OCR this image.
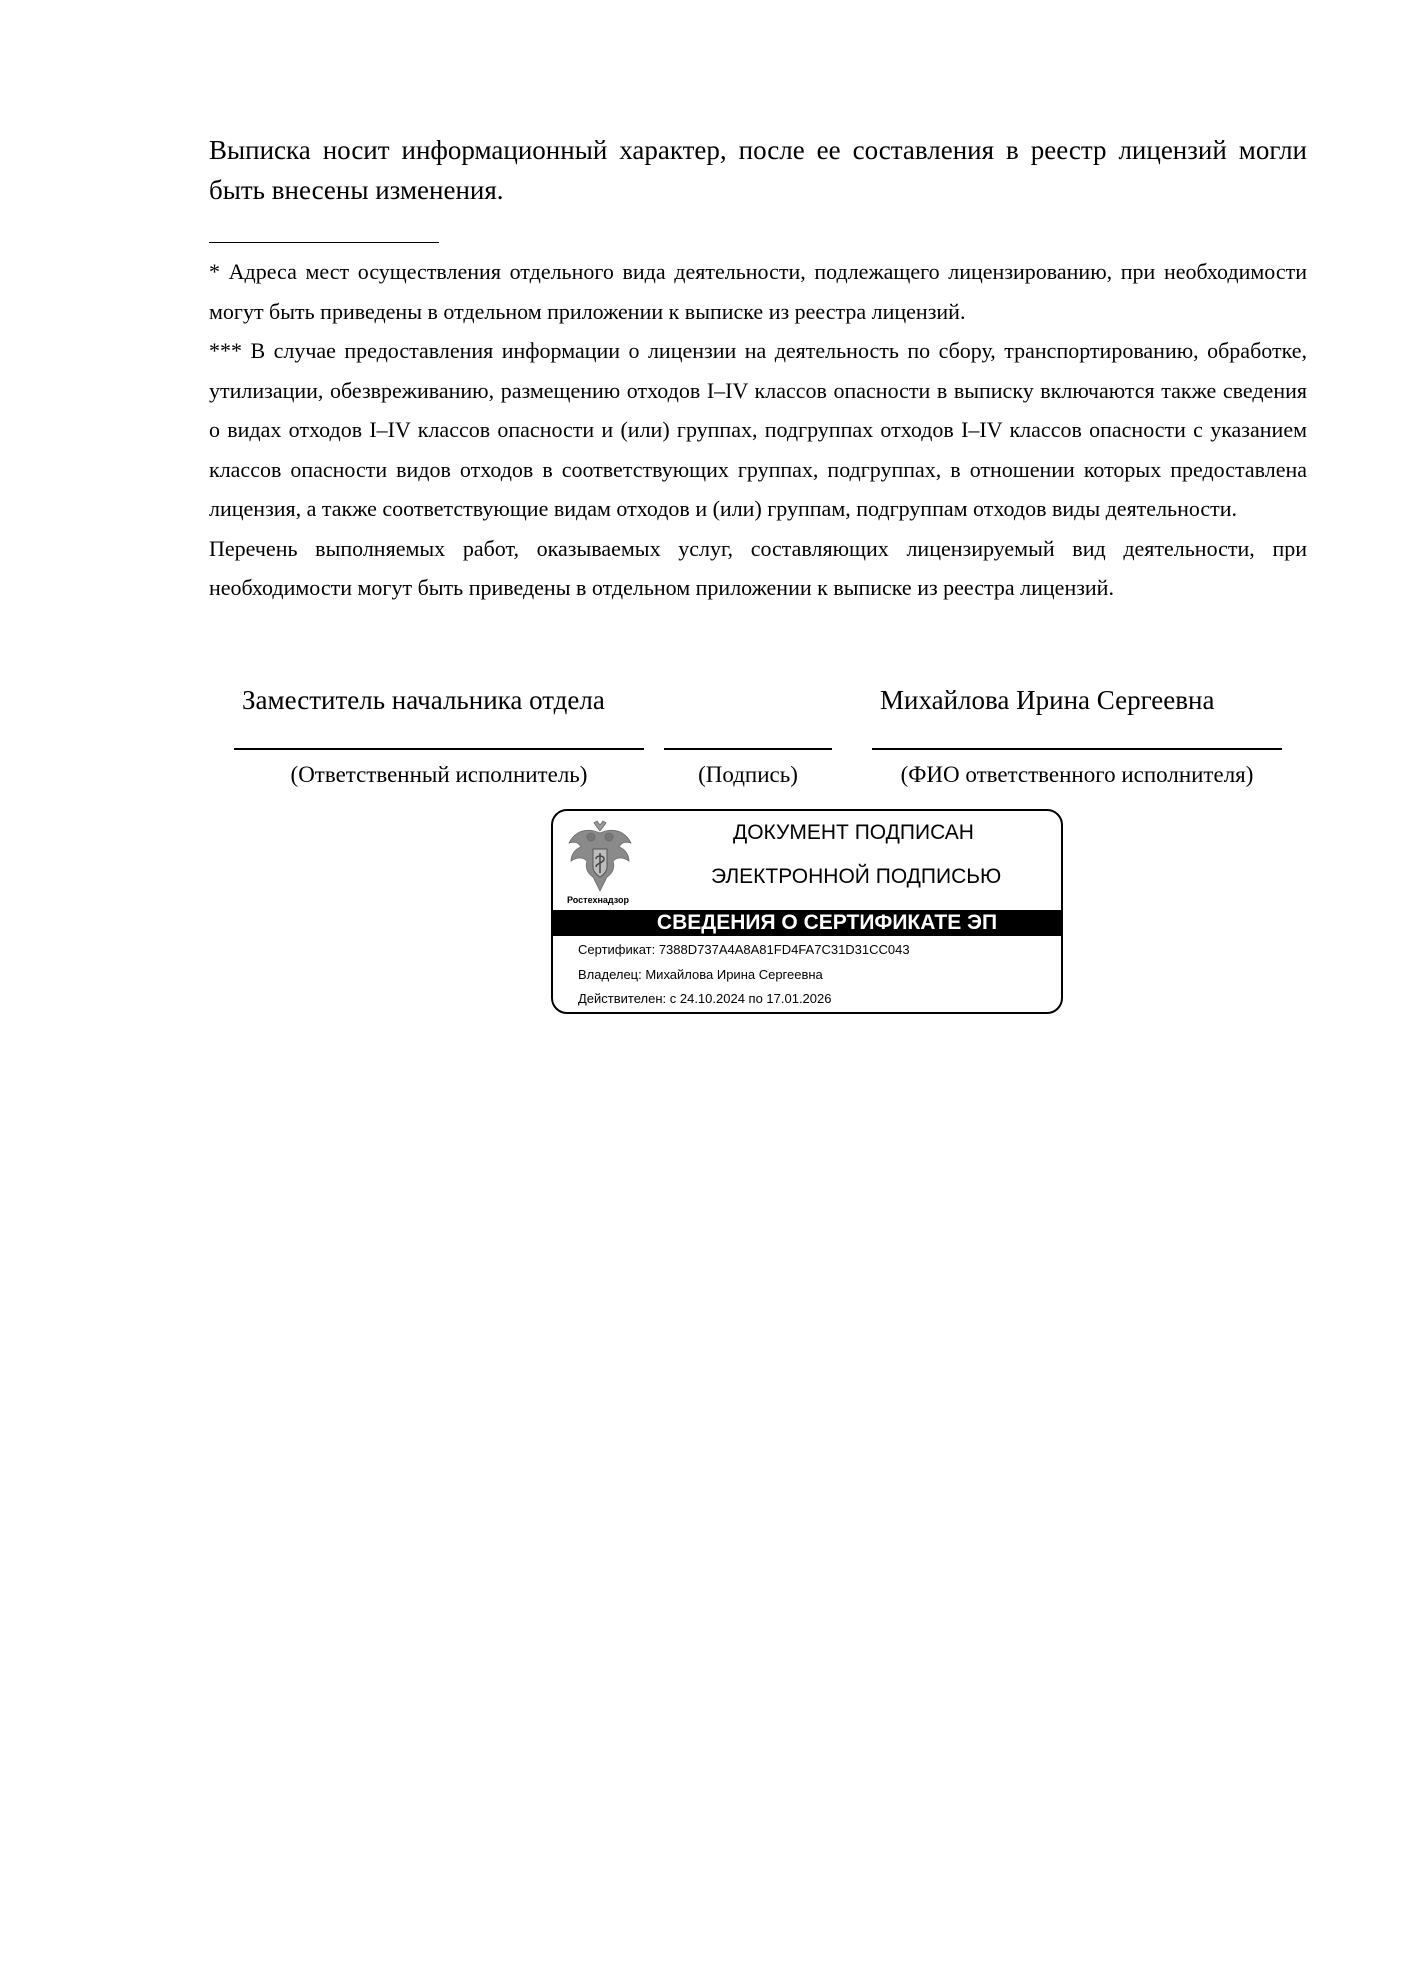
Выписка носит информационный характер, после ее составления в реестр лицензий могли быть внесены изменения.

* Адреса мест осуществления отдельного вида деятельности, подлежащего лицензированию, при необходимости могут быть приведены в отдельном приложении к выписке из реестра лицензий.

*** В случае предоставления информации о лицензии на деятельность по сбору, транспортированию, обработке, утилизации, обезвреживанию, размещению отходов I–IV классов опасности в выписку включаются также сведения о видах отходов I–IV классов опасности и (или) группах, подгруппах отходов I–IV классов опасности с указанием классов опасности видов отходов в соответствующих группах, подгруппах, в отношении которых предоставлена лицензия, а также соответствующие видам отходов и (или) группам, подгруппам отходов виды деятельности.

Перечень выполняемых работ, оказываемых услуг, составляющих лицензируемый вид деятельности, при необходимости могут быть приведены в отдельном приложении к выписке из реестра лицензий.

Заместитель начальника отдела	Михайлова Ирина Сергеевна
(Ответственный исполнитель)	(Подпись)	(ФИО ответственного исполнителя)
Ростехнадзор
ДОКУМЕНТ ПОДПИСАН
ЭЛЕКТРОННОЙ ПОДПИСЬЮ
СВЕДЕНИЯ О СЕРТИФИКАТЕ ЭП
Сертификат: 7388D737A4A8A81FD4FA7C31D31CC043
Владелец: Михайлова Ирина Сергеевна
Действителен: с 24.10.2024 по 17.01.2026
